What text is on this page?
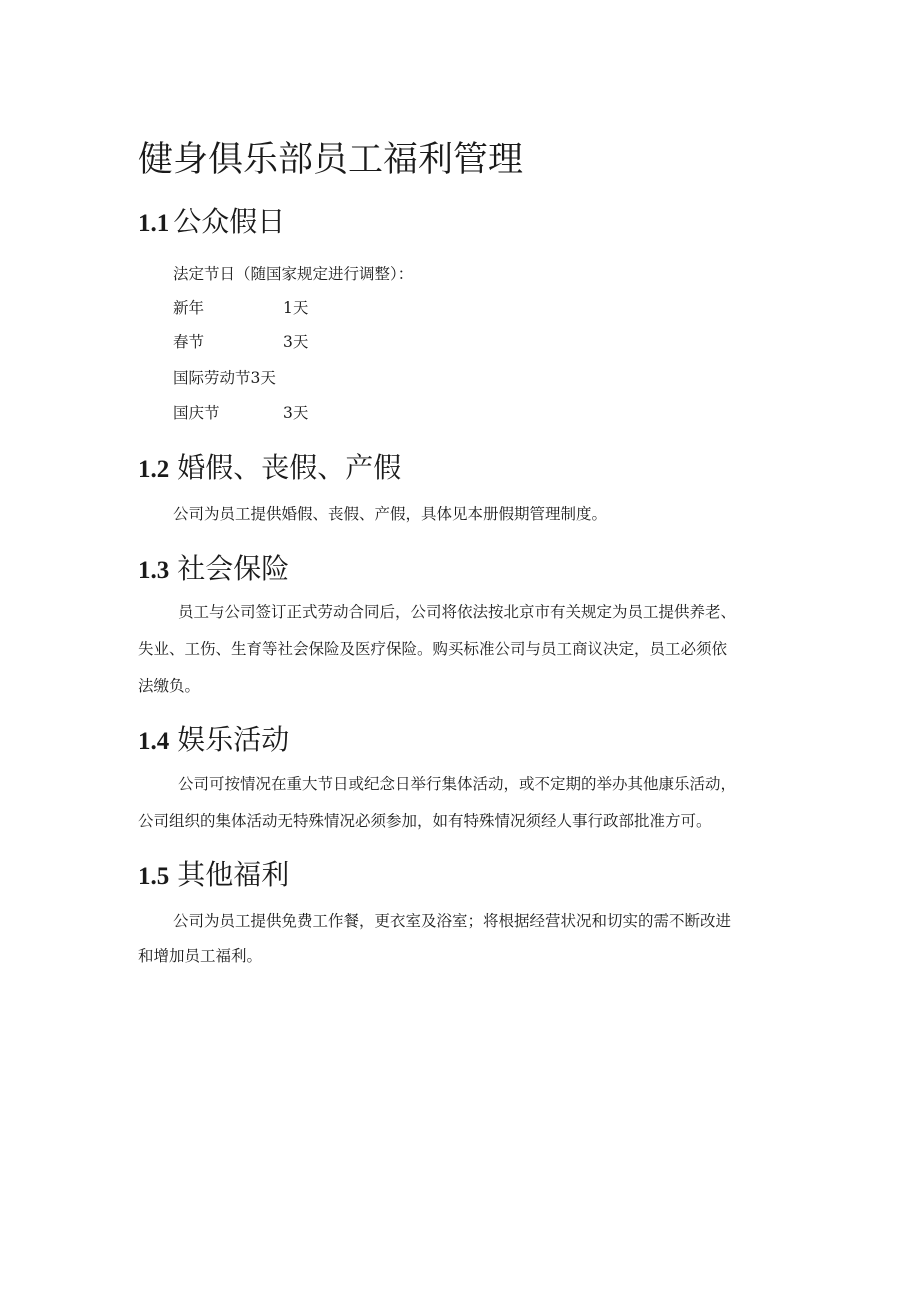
健身俱乐部员工福利管理
1.1 公众假日

法定节日（随国家规定进行调整）：

新年	1天
春节	3天
国际劳动节3天
国庆节	3天
1.2 婚假、丧假、产假

公司为员工提供婚假、丧假、产假，具体见本册假期管理制度。

1.3 社会保险

员工与公司签订正式劳动合同后，公司将依法按北京市有关规定为员工提供养老、

失业、工伤、生育等社会保险及医疗保险。购买标准公司与员工商议决定，员工必须依

法缴负。

1.4 娱乐活动

公司可按情况在重大节日或纪念日举行集体活动，或不定期的举办其他康乐活动，

公司组织的集体活动无特殊情况必须参加，如有特殊情况须经人事行政部批准方可。

1.5 其他福利

公司为员工提供免费工作餐，更衣室及浴室；将根据经营状况和切实的需不断改进

和增加员工福利。
